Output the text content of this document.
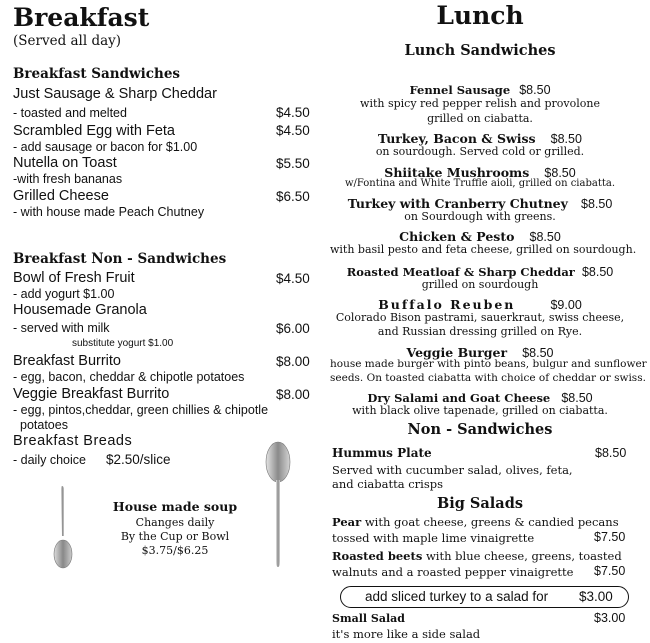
Breakfast
(Served all day)
Breakfast Sandwiches
Just Sausage & Sharp Cheddar
- toasted and melted	$4.50
Scrambled Egg with Feta	$4.50
- add sausage or bacon for $1.00
Nutella on Toast	$5.50
-with fresh bananas
Grilled Cheese	$6.50
- with house made Peach Chutney
Breakfast Non - Sandwiches
Bowl of Fresh Fruit	$4.50
- add yogurt $1.00
Housemade Granola
- served with milk	$6.00
substitute yogurt $1.00
Breakfast Burrito	$8.00
- egg, bacon, cheddar & chipotle potatoes
Veggie Breakfast Burrito	$8.00
- egg, pintos,cheddar, green chillies & chipotle
potatoes
Breakfast Breads
- daily choice $2.50/slice
House made soup
Changes daily
By the Cup or Bowl
$3.75/$6.25
Lunch
Lunch Sandwiches
Fennel Sausage $8.50
with spicy red pepper relish and provolone
grilled on ciabatta.
Turkey, Bacon & Swiss $8.50
on sourdough. Served cold or grilled.
Shiitake Mushrooms $8.50
w/Fontina and White Truffle aioli, grilled on ciabatta.
Turkey with Cranberry Chutney $8.50
on Sourdough with greens.
Chicken & Pesto $8.50
with basil pesto and feta cheese, grilled on sourdough.
Roasted Meatloaf & Sharp Cheddar $8.50
grilled on sourdough
Buffalo Reuben	$9.00
Colorado Bison pastrami, sauerkraut, swiss cheese,
and Russian dressing grilled on Rye.
Veggie Burger $8.50
house made burger with pinto beans, bulgur and sunflower
seeds. On toasted ciabatta with choice of cheddar or swiss.
Dry Salami and Goat Cheese $8.50
with black olive tapenade, grilled on ciabatta.
Non - Sandwiches
Hummus Plate	$8.50
Served with cucumber salad, olives, feta,
and ciabatta crisps
Big Salads
Pear with goat cheese, greens & candied pecans
tossed with maple lime vinaigrette	$7.50
Roasted beets with blue cheese, greens, toasted
walnuts and a roasted pepper vinaigrette $7.50
add sliced turkey to a salad for $3.00
Small Salad	$3.00
it's more like a side salad
